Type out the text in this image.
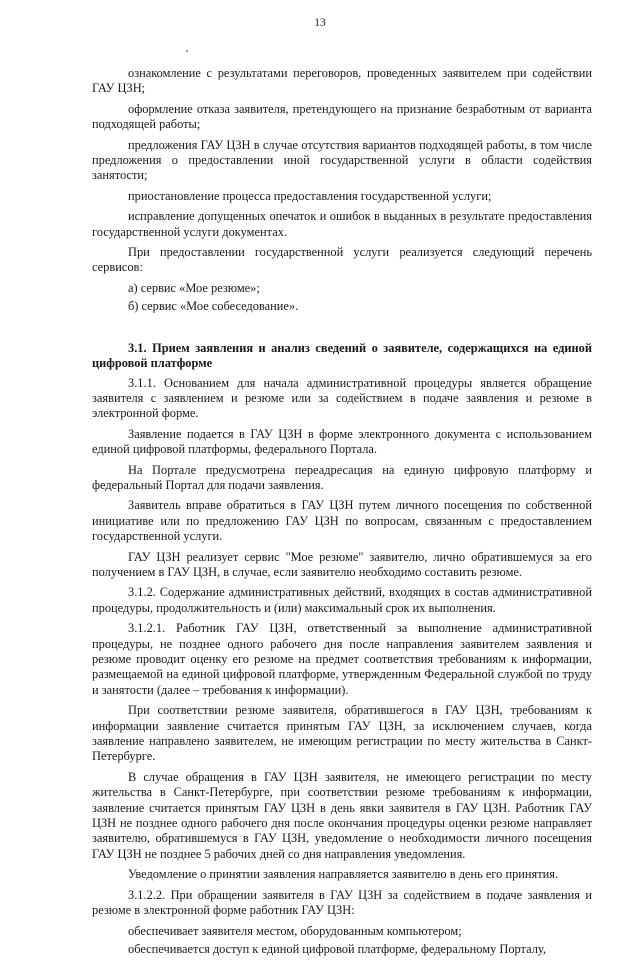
13

ознакомление с результатами переговоров, проведенных заявителем при содействии ГАУ ЦЗН;

оформление отказа заявителя, претендующего на признание безработным от варианта подходящей работы;

предложения ГАУ ЦЗН в случае отсутствия вариантов подходящей работы, в том числе предложения о предоставлении иной государственной услуги в области содействия занятости;

приостановление процесса предоставления государственной услуги;

исправление допущенных опечаток и ошибок в выданных в результате предоставления государственной услуги документах.

При предоставлении государственной услуги реализуется следующий перечень сервисов:

а) сервис «Мое резюме»;

б) сервис «Мое собеседование».

3.1. Прием заявления и анализ сведений о заявителе, содержащихся на единой цифровой платформе

3.1.1. Основанием для начала административной процедуры является обращение заявителя с заявлением и резюме или за содействием в подаче заявления и резюме в электронной форме.

Заявление подается в ГАУ ЦЗН в форме электронного документа с использованием единой цифровой платформы, федерального Портала.

На Портале предусмотрена переадресация на единую цифровую платформу и федеральный Портал для подачи заявления.

Заявитель вправе обратиться в ГАУ ЦЗН путем личного посещения по собственной инициативе или по предложению ГАУ ЦЗН по вопросам, связанным с предоставлением государственной услуги.

ГАУ ЦЗН реализует сервис "Мое резюме" заявителю, лично обратившемуся за его получением в ГАУ ЦЗН, в случае, если заявителю необходимо составить резюме.

3.1.2. Содержание административных действий, входящих в состав административной процедуры, продолжительность и (или) максимальный срок их выполнения.

3.1.2.1. Работник ГАУ ЦЗН, ответственный за выполнение административной процедуры, не позднее одного рабочего дня после направления заявителем заявления и резюме проводит оценку его резюме на предмет соответствия требованиям к информации, размещаемой на единой цифровой платформе, утвержденным Федеральной службой по труду и занятости (далее – требования к информации).

При соответствии резюме заявителя, обратившегося в ГАУ ЦЗН, требованиям к информации заявление считается принятым ГАУ ЦЗН, за исключением случаев, когда заявление направлено заявителем, не имеющим регистрации по месту жительства в Санкт-Петербурге.

В случае обращения в ГАУ ЦЗН заявителя, не имеющего регистрации по месту жительства в Санкт-Петербурге, при соответствии резюме требованиям к информации, заявление считается принятым ГАУ ЦЗН в день явки заявителя в ГАУ ЦЗН. Работник ГАУ ЦЗН не позднее одного рабочего дня после окончания процедуры оценки резюме направляет заявителю, обратившемуся в ГАУ ЦЗН, уведомление о необходимости личного посещения ГАУ ЦЗН не позднее 5 рабочих дней со дня направления уведомления.

Уведомление о принятии заявления направляется заявителю в день его принятия.

3.1.2.2. При обращении заявителя в ГАУ ЦЗН за содействием в подаче заявления и резюме в электронной форме работник ГАУ ЦЗН:

обеспечивает заявителя местом, оборудованным компьютером;

обеспечивается доступ к единой цифровой платформе, федеральному Порталу,
